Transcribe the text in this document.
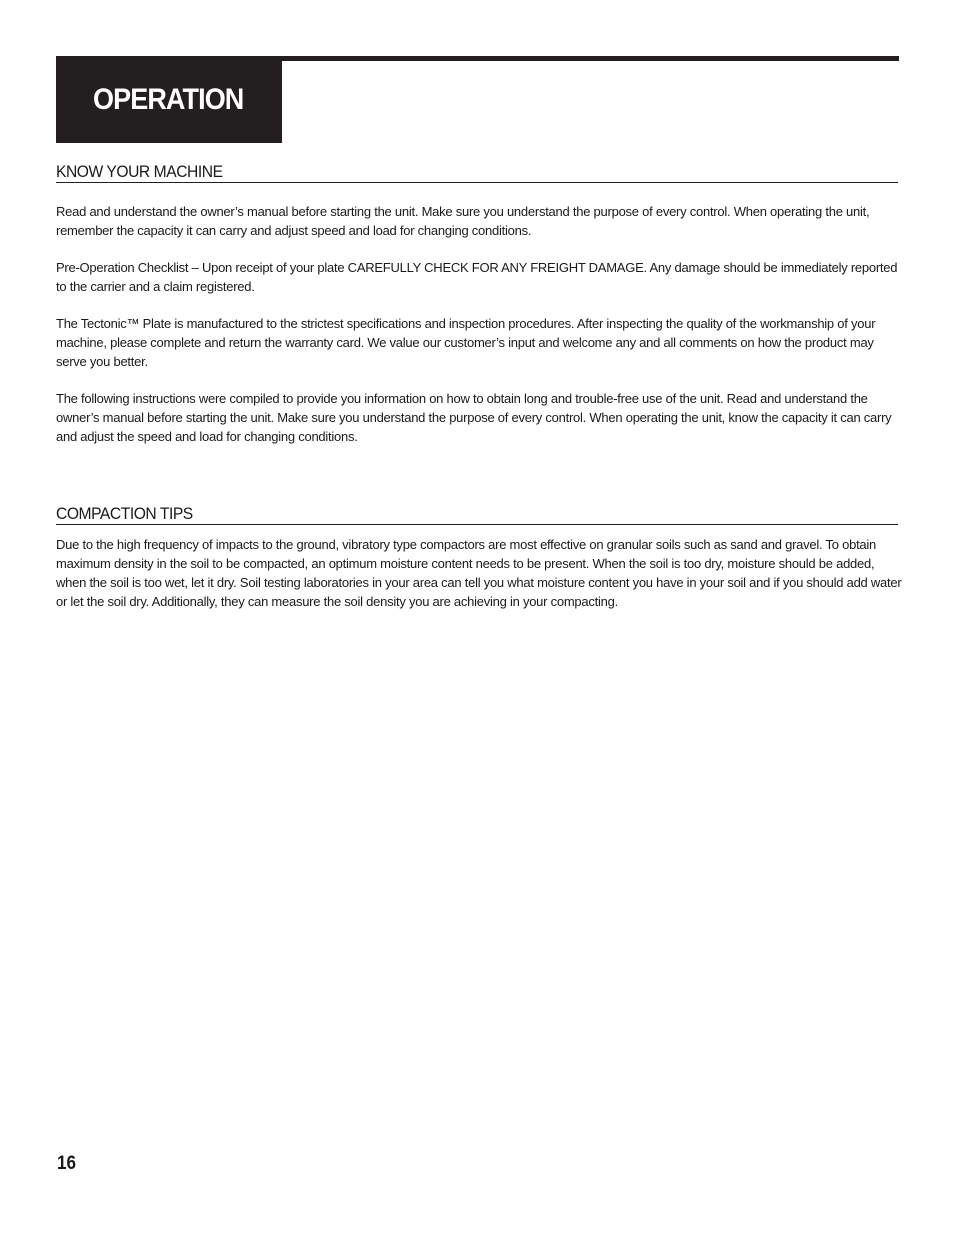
OPERATION
KNOW YOUR MACHINE
Read and understand the owner’s manual before starting the unit. Make sure you understand the purpose of every control. When operating the unit, remember the capacity it can carry and adjust speed and load for changing conditions.
Pre-Operation Checklist – Upon receipt of your plate CAREFULLY CHECK FOR ANY FREIGHT DAMAGE. Any damage should be immediately reported to the carrier and a claim registered.
The Tectonic™ Plate is manufactured to the strictest specifications and inspection procedures. After inspecting the quality of the workmanship of your machine, please complete and return the warranty card. We value our customer’s input and welcome any and all comments on how the product may serve you better.
The following instructions were compiled to provide you information on how to obtain long and trouble-free use of the unit. Read and understand the owner’s manual before starting the unit. Make sure you understand the purpose of every control. When operating the unit, know the capacity it can carry and adjust the speed and load for changing conditions.
COMPACTION TIPS
Due to the high frequency of impacts to the ground, vibratory type compactors are most effective on granular soils such as sand and gravel. To obtain maximum density in the soil to be compacted, an optimum moisture content needs to be present. When the soil is too dry, moisture should be added, when the soil is too wet, let it dry. Soil testing laboratories in your area can tell you what moisture content you have in your soil and if you should add water or let the soil dry. Additionally, they can measure the soil density you are achieving in your compacting.
16
